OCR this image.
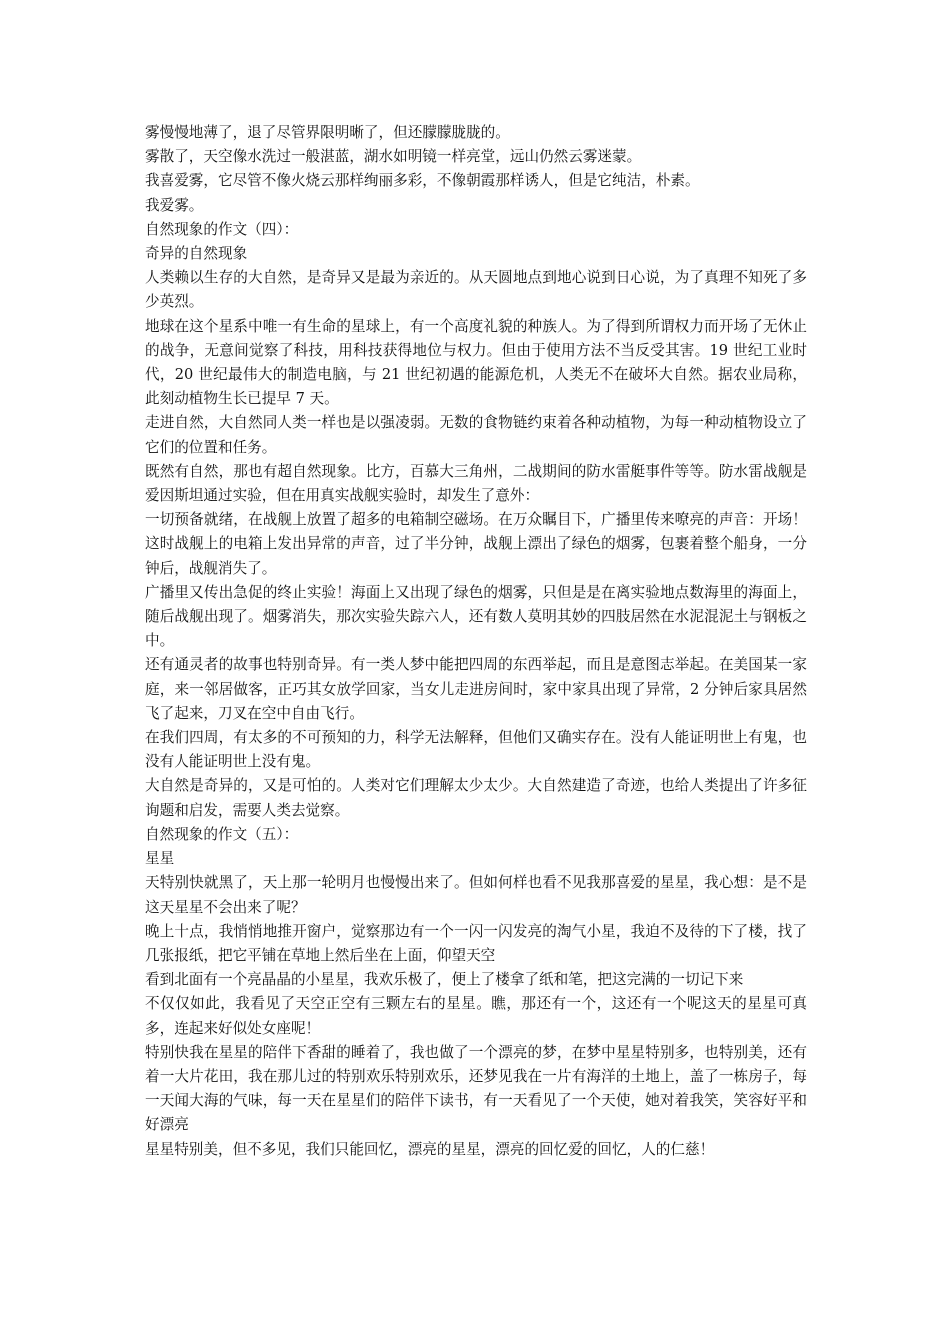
雾慢慢地薄了，退了尽管界限明晰了，但还朦朦胧胧的。

雾散了，天空像水洗过一般湛蓝，湖水如明镜一样亮堂，远山仍然云雾迷蒙。

我喜爱雾，它尽管不像火烧云那样绚丽多彩，不像朝霞那样诱人，但是它纯洁，朴素。

我爱雾。

自然现象的作文（四）：

奇异的自然现象

人类赖以生存的大自然，是奇异又是最为亲近的。从天圆地点到地心说到日心说，为了真理不知死了多少英烈。

地球在这个星系中唯一有生命的星球上，有一个高度礼貌的种族人。为了得到所谓权力而开场了无休止的战争，无意间觉察了科技，用科技获得地位与权力。但由于使用方法不当反受其害。19 世纪工业时代，20 世纪最伟大的制造电脑，与 21 世纪初遇的能源危机，人类无不在破坏大自然。据农业局称，此刻动植物生长已提早 7 天。

走进自然，大自然同人类一样也是以强凌弱。无数的食物链约束着各种动植物，为每一种动植物设立了它们的位置和任务。

既然有自然，那也有超自然现象。比方，百慕大三角州，二战期间的防水雷艇事件等等。防水雷战舰是爱因斯坦通过实验，但在用真实战舰实验时，却发生了意外：

一切预备就绪，在战舰上放置了超多的电箱制空磁场。在万众瞩目下，广播里传来嘹亮的声音：开场！这时战舰上的电箱上发出异常的声音，过了半分钟，战舰上漂出了绿色的烟雾，包裹着整个船身，一分钟后，战舰消失了。

广播里又传出急促的终止实验！海面上又出现了绿色的烟雾，只但是是在离实验地点数海里的海面上，随后战舰出现了。烟雾消失，那次实验失踪六人，还有数人莫明其妙的四肢居然在水泥混泥土与钢板之中。

还有通灵者的故事也特别奇异。有一类人梦中能把四周的东西举起，而且是意图志举起。在美国某一家庭，来一邻居做客，正巧其女放学回家，当女儿走进房间时，家中家具出现了异常，2 分钟后家具居然飞了起来，刀叉在空中自由飞行。

在我们四周，有太多的不可预知的力，科学无法解释，但他们又确实存在。没有人能证明世上有鬼，也没有人能证明世上没有鬼。

大自然是奇异的，又是可怕的。人类对它们理解太少太少。大自然建造了奇迹，也给人类提出了许多征询题和启发，需要人类去觉察。

自然现象的作文（五）：

星星

天特别快就黑了，天上那一轮明月也慢慢出来了。但如何样也看不见我那喜爱的星星，我心想：是不是这天星星不会出来了呢？

晚上十点，我悄悄地推开窗户，觉察那边有一个一闪一闪发亮的淘气小星，我迫不及待的下了楼，找了几张报纸，把它平铺在草地上然后坐在上面，仰望天空

看到北面有一个亮晶晶的小星星，我欢乐极了，便上了楼拿了纸和笔，把这完满的一切记下来

不仅仅如此，我看见了天空正空有三颗左右的星星。瞧，那还有一个，这还有一个呢这天的星星可真多，连起来好似处女座呢！

特别快我在星星的陪伴下香甜的睡着了，我也做了一个漂亮的梦，在梦中星星特别多，也特别美，还有着一大片花田，我在那儿过的特别欢乐特别欢乐，还梦见我在一片有海洋的土地上，盖了一栋房子，每一天闻大海的气味，每一天在星星们的陪伴下读书，有一天看见了一个天使，她对着我笑，笑容好平和好漂亮

星星特别美，但不多见，我们只能回忆，漂亮的星星，漂亮的回忆爱的回忆，人的仁慈！
